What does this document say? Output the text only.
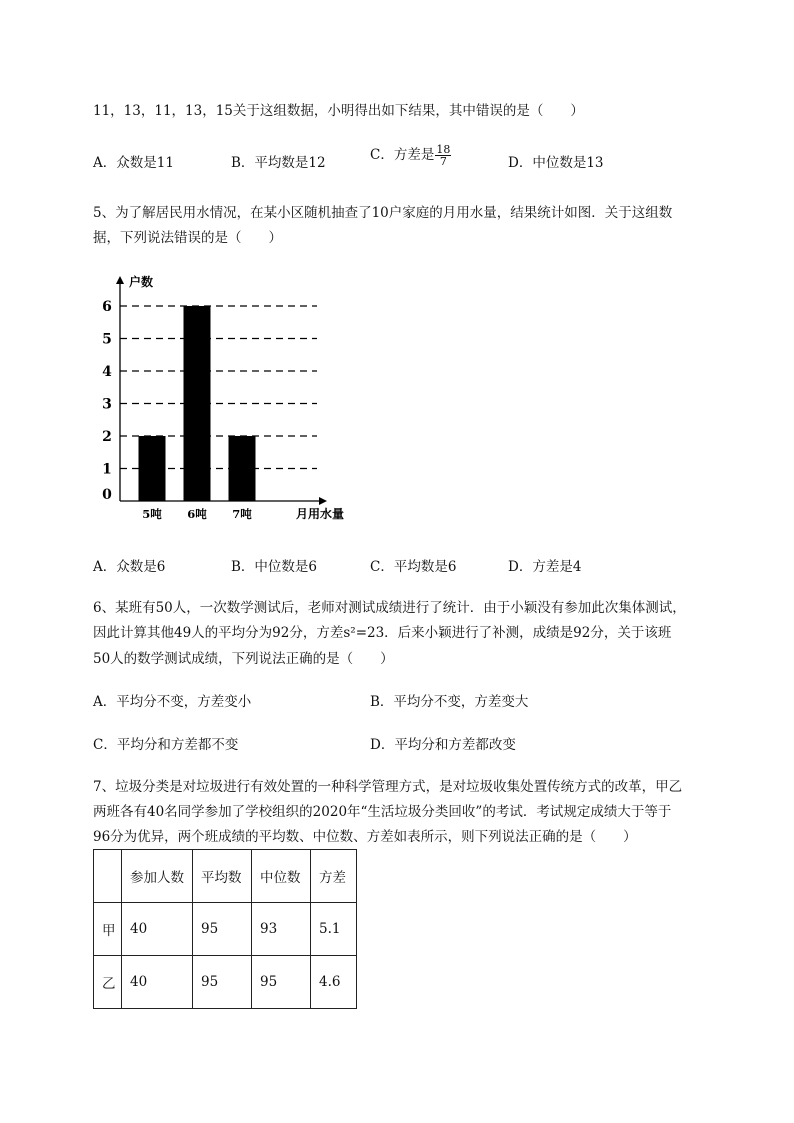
11，13，11，13，15关于这组数据，小明得出如下结果，其中错误的是（　　）
A．众数是11	B．平均数是12	C．方差是 $\frac{18}{7}$	D．中位数是13
5、为了解居民用水情况，在某小区随机抽查了10户家庭的月用水量，结果统计如图．关于这组数
据，下列说法错误的是（　　）
0
1
2
3
4
5
6
户数
5吨 6吨 7吨	月用水量
A．众数是6	B．中位数是6	C．平均数是6	D．方差是4
6、某班有50人，一次数学测试后，老师对测试成绩进行了统计．由于小颖没有参加此次集体测试，
因此计算其他49人的平均分为92分，方差s²=23．后来小颖进行了补测，成绩是92分，关于该班
50人的数学测试成绩，下列说法正确的是（　　）
A．平均分不变，方差变小	B．平均分不变，方差变大
C．平均分和方差都不变	D．平均分和方差都改变
7、垃圾分类是对垃圾进行有效处置的一种科学管理方式，是对垃圾收集处置传统方式的改革，甲乙
两班各有40名同学参加了学校组织的2020年“生活垃圾分类回收”的考试．考试规定成绩大于等于
96分为优异，两个班成绩的平均数、中位数、方差如表所示，则下列说法正确的是（　　）
	参加人数	平均数	中位数	方差
甲	40	95	93	5.1
乙	40	95	95	4.6
